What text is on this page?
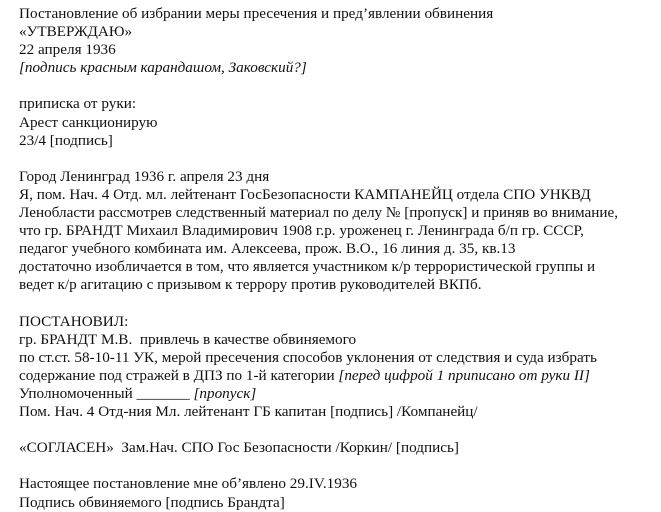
Постановление об избрании меры пресечения и пред’явлении обвинения
«УТВЕРЖДАЮ»
22 апреля 1936
[подпись красным карандашом, Заковский?]
приписка от руки:
Арест санкционирую
23/4 [подпись]
Город Ленинград 1936 г. апреля 23 дня
Я, пом. Нач. 4 Отд. мл. лейтенант ГосБезопасности КАМПАНЕЙЦ отдела СПО УНКВД
Ленобласти рассмотрев следственный материал по делу № [пропуск] и приняв во внимание,
что гр. БРАНДТ Михаил Владимирович 1908 г.р. уроженец г. Ленинграда б/п гр. СССР,
педагог учебного комбината им. Алексеева, прож. В.О., 16 линия д. 35, кв.13
достаточно изобличается в том, что является участником к/р террористической группы и
ведет к/р агитацию с призывом к террору против руководителей ВКПб.
ПОСТАНОВИЛ:
гр. БРАНДТ М.В.  привлечь в качестве обвиняемого
по ст.ст. 58-10-11 УК, мерой пресечения способов уклонения от следствия и суда избрать
содержание под стражей в ДПЗ по 1-й категории [перед цифрой 1 приписано от руки II]
Уполномоченный _______ [пропуск]
Пом. Нач. 4 Отд-ния Мл. лейтенант ГБ капитан [подпись] /Компанейц/
«СОГЛАСЕН»  Зам.Нач. СПО Гос Безопасности /Коркин/ [подпись]
Настоящее постановление мне об’явлено 29.IV.1936
Подпись обвиняемого [подпись Брандта]
